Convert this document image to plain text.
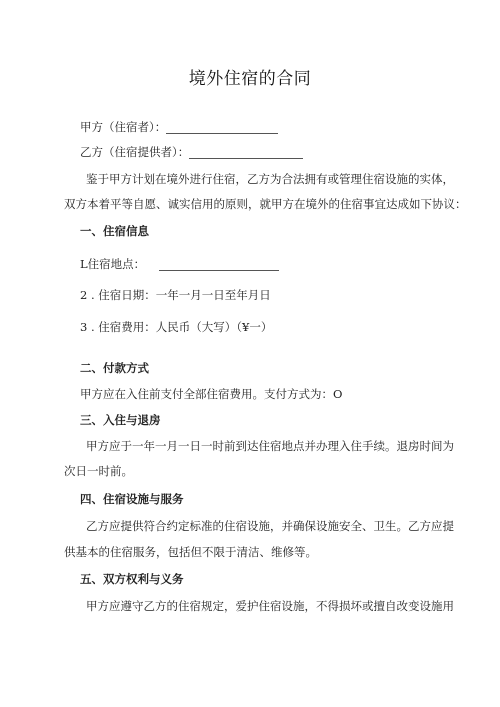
境外住宿的合同
甲方（住宿者）：
乙方（住宿提供者）：
鉴于甲方计划在境外进行住宿，乙方为合法拥有或管理住宿设施的实体，
双方本着平等自愿、诚实信用的原则，就甲方在境外的住宿事宜达成如下协议：
一、住宿信息
L住宿地点：
2 . 住宿日期：一年一月一日至年月日
3 . 住宿费用：人民币（大写）（¥一）
二、付款方式
甲方应在入住前支付全部住宿费用。支付方式为：O
三、入住与退房
甲方应于一年一月一日一时前到达住宿地点并办理入住手续。退房时间为
次日一时前。
四、住宿设施与服务
乙方应提供符合约定标准的住宿设施，并确保设施安全、卫生。乙方应提
供基本的住宿服务，包括但不限于清洁、维修等。
五、双方权利与义务
甲方应遵守乙方的住宿规定，爱护住宿设施，不得损坏或擅自改变设施用
